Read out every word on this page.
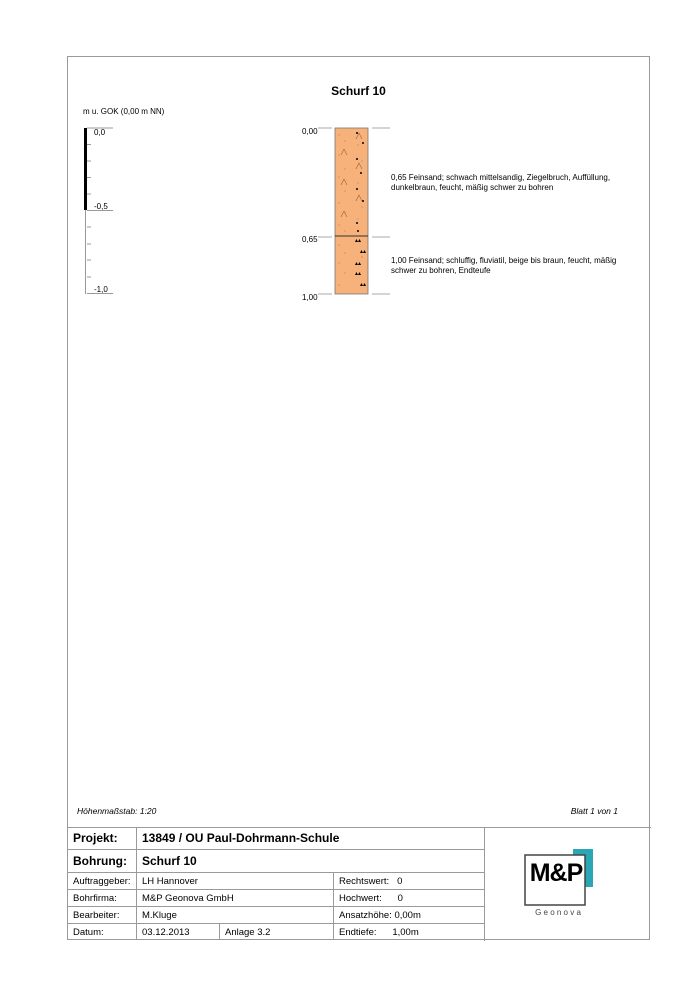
Schurf 10
m u. GOK (0,00 m NN)
0,0
-0,5
-1,0
0,00
0,65
1,00
0,65 Feinsand; schwach mittelsandig, Ziegelbruch, Auffüllung,
dunkelbraun, feucht, mäßig schwer zu bohren
1,00 Feinsand; schluffig, fluviatil, beige bis braun, feucht, mäßig
schwer zu bohren, Endteufe
Höhenmaßstab: 1:20	Blatt 1 von 1
Projekt:	13849 / OU Paul-Dohrmann-Schule		
Bohrung:	Schurf 10		
Auftraggeber:	LH Hannover		Rechtswert: 0
Bohrfirma:	M&P Geonova GmbH		Hochwert: 0
Bearbeiter:	M.Kluge		Ansatzhöhe: 0,00m
Datum:	03.12.2013	Anlage 3.2	Endtiefe: 1,00m
M&P
G e o n o v a
